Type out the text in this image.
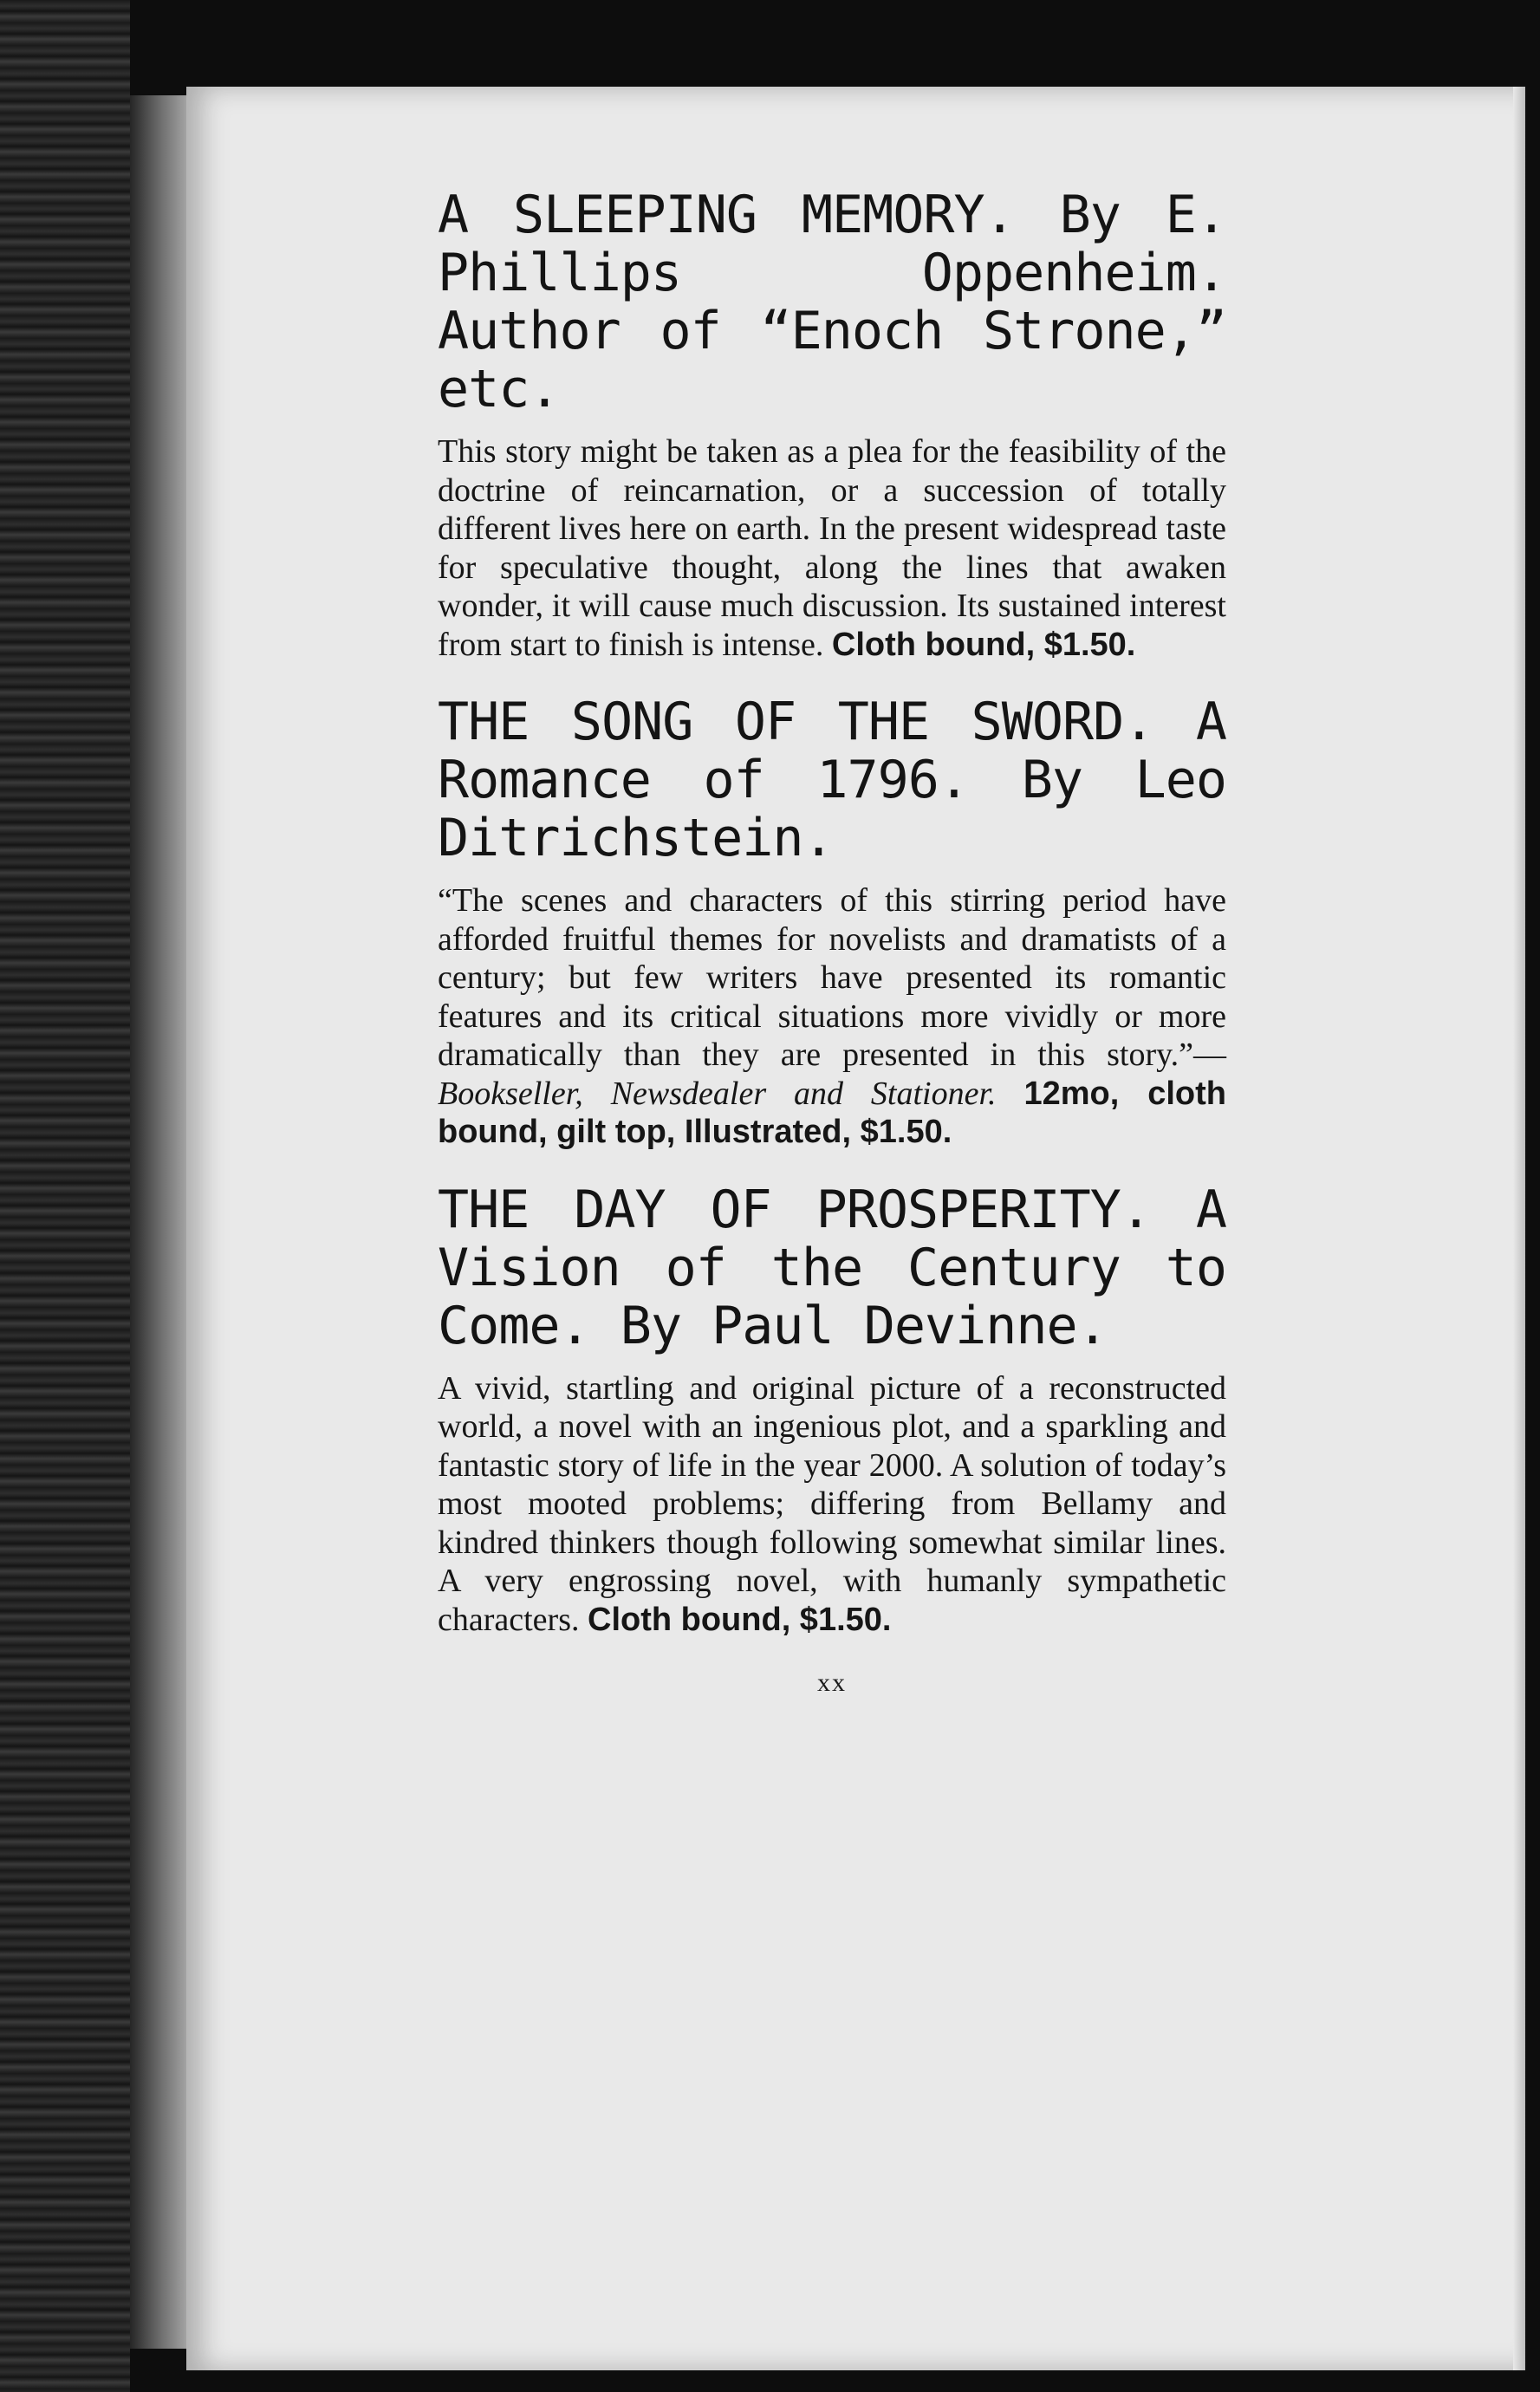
A SLEEPING MEMORY. By E. Phillips Oppenheim. Author of “Enoch Strone,” etc.

This story might be taken as a plea for the feasibility of the doctrine of reincarnation, or a succession of totally different lives here on earth. In the present widespread taste for speculative thought, along the lines that awaken wonder, it will cause much discussion. Its sustained interest from start to finish is intense. Cloth bound, $1.50.

THE SONG OF THE SWORD. A Romance of 1796. By Leo Ditrichstein.

“The scenes and characters of this stirring period have afforded fruitful themes for novelists and dramatists of a century; but few writers have presented its romantic features and its critical situations more vividly or more dramatically than they are presented in this story.”—Bookseller, Newsdealer and Stationer. 12mo, cloth bound, gilt top, Illustrated, $1.50.

THE DAY OF PROSPERITY. A Vision of the Century to Come. By Paul Devinne.

A vivid, startling and original picture of a reconstructed world, a novel with an ingenious plot, and a sparkling and fantastic story of life in the year 2000. A solution of today’s most mooted problems; differing from Bellamy and kindred thinkers though following somewhat similar lines. A very engrossing novel, with humanly sympathetic characters. Cloth bound, $1.50.

xx
